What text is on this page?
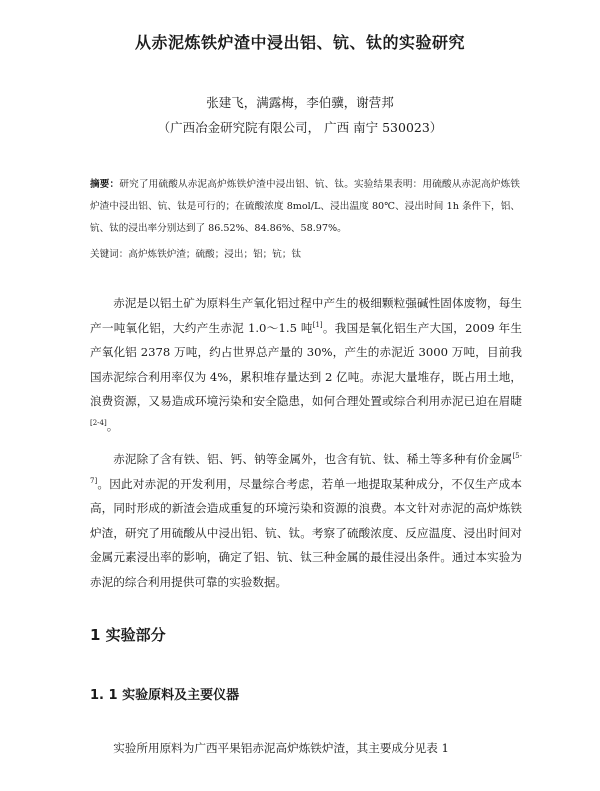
从赤泥炼铁炉渣中浸出铝、钪、钛的实验研究
张建飞，满露梅，李伯骥，谢营邦
（广西冶金研究院有限公司， 广西 南宁 530023）
摘要：研究了用硫酸从赤泥高炉炼铁炉渣中浸出铝、钪、钛。实验结果表明：用硫酸从赤泥高炉炼铁炉渣中浸出铝、钪、钛是可行的；在硫酸浓度 8mol/L、浸出温度 80℃、浸出时间 1h 条件下，铝、钪、钛的浸出率分别达到了 86.52%、84.86%、58.97%。
关键词：高炉炼铁炉渣；硫酸；浸出；铝；钪；钛

赤泥是以铝土矿为原料生产氧化铝过程中产生的极细颗粒强碱性固体废物，每生产一吨氧化铝，大约产生赤泥 1.0～1.5 吨[1]。我国是氧化铝生产大国，2009 年生产氧化铝 2378 万吨，约占世界总产量的 30%，产生的赤泥近 3000 万吨，目前我国赤泥综合利用率仅为 4%，累积堆存量达到 2 亿吨。赤泥大量堆存，既占用土地，浪费资源，又易造成环境污染和安全隐患，如何合理处置或综合利用赤泥已迫在眉睫[2-4]。

赤泥除了含有铁、铝、钙、钠等金属外，也含有钪、钛、稀土等多种有价金属[5-7]。因此对赤泥的开发利用，尽量综合考虑，若单一地提取某种成分，不仅生产成本高，同时形成的新渣会造成重复的环境污染和资源的浪费。本文针对赤泥的高炉炼铁炉渣，研究了用硫酸从中浸出铝、钪、钛。考察了硫酸浓度、反应温度、浸出时间对金属元素浸出率的影响，确定了铝、钪、钛三种金属的最佳浸出条件。通过本实验为赤泥的综合利用提供可靠的实验数据。

1 实验部分
1. 1 实验原料及主要仪器

实验所用原料为广西平果铝赤泥高炉炼铁炉渣，其主要成分见表 1
